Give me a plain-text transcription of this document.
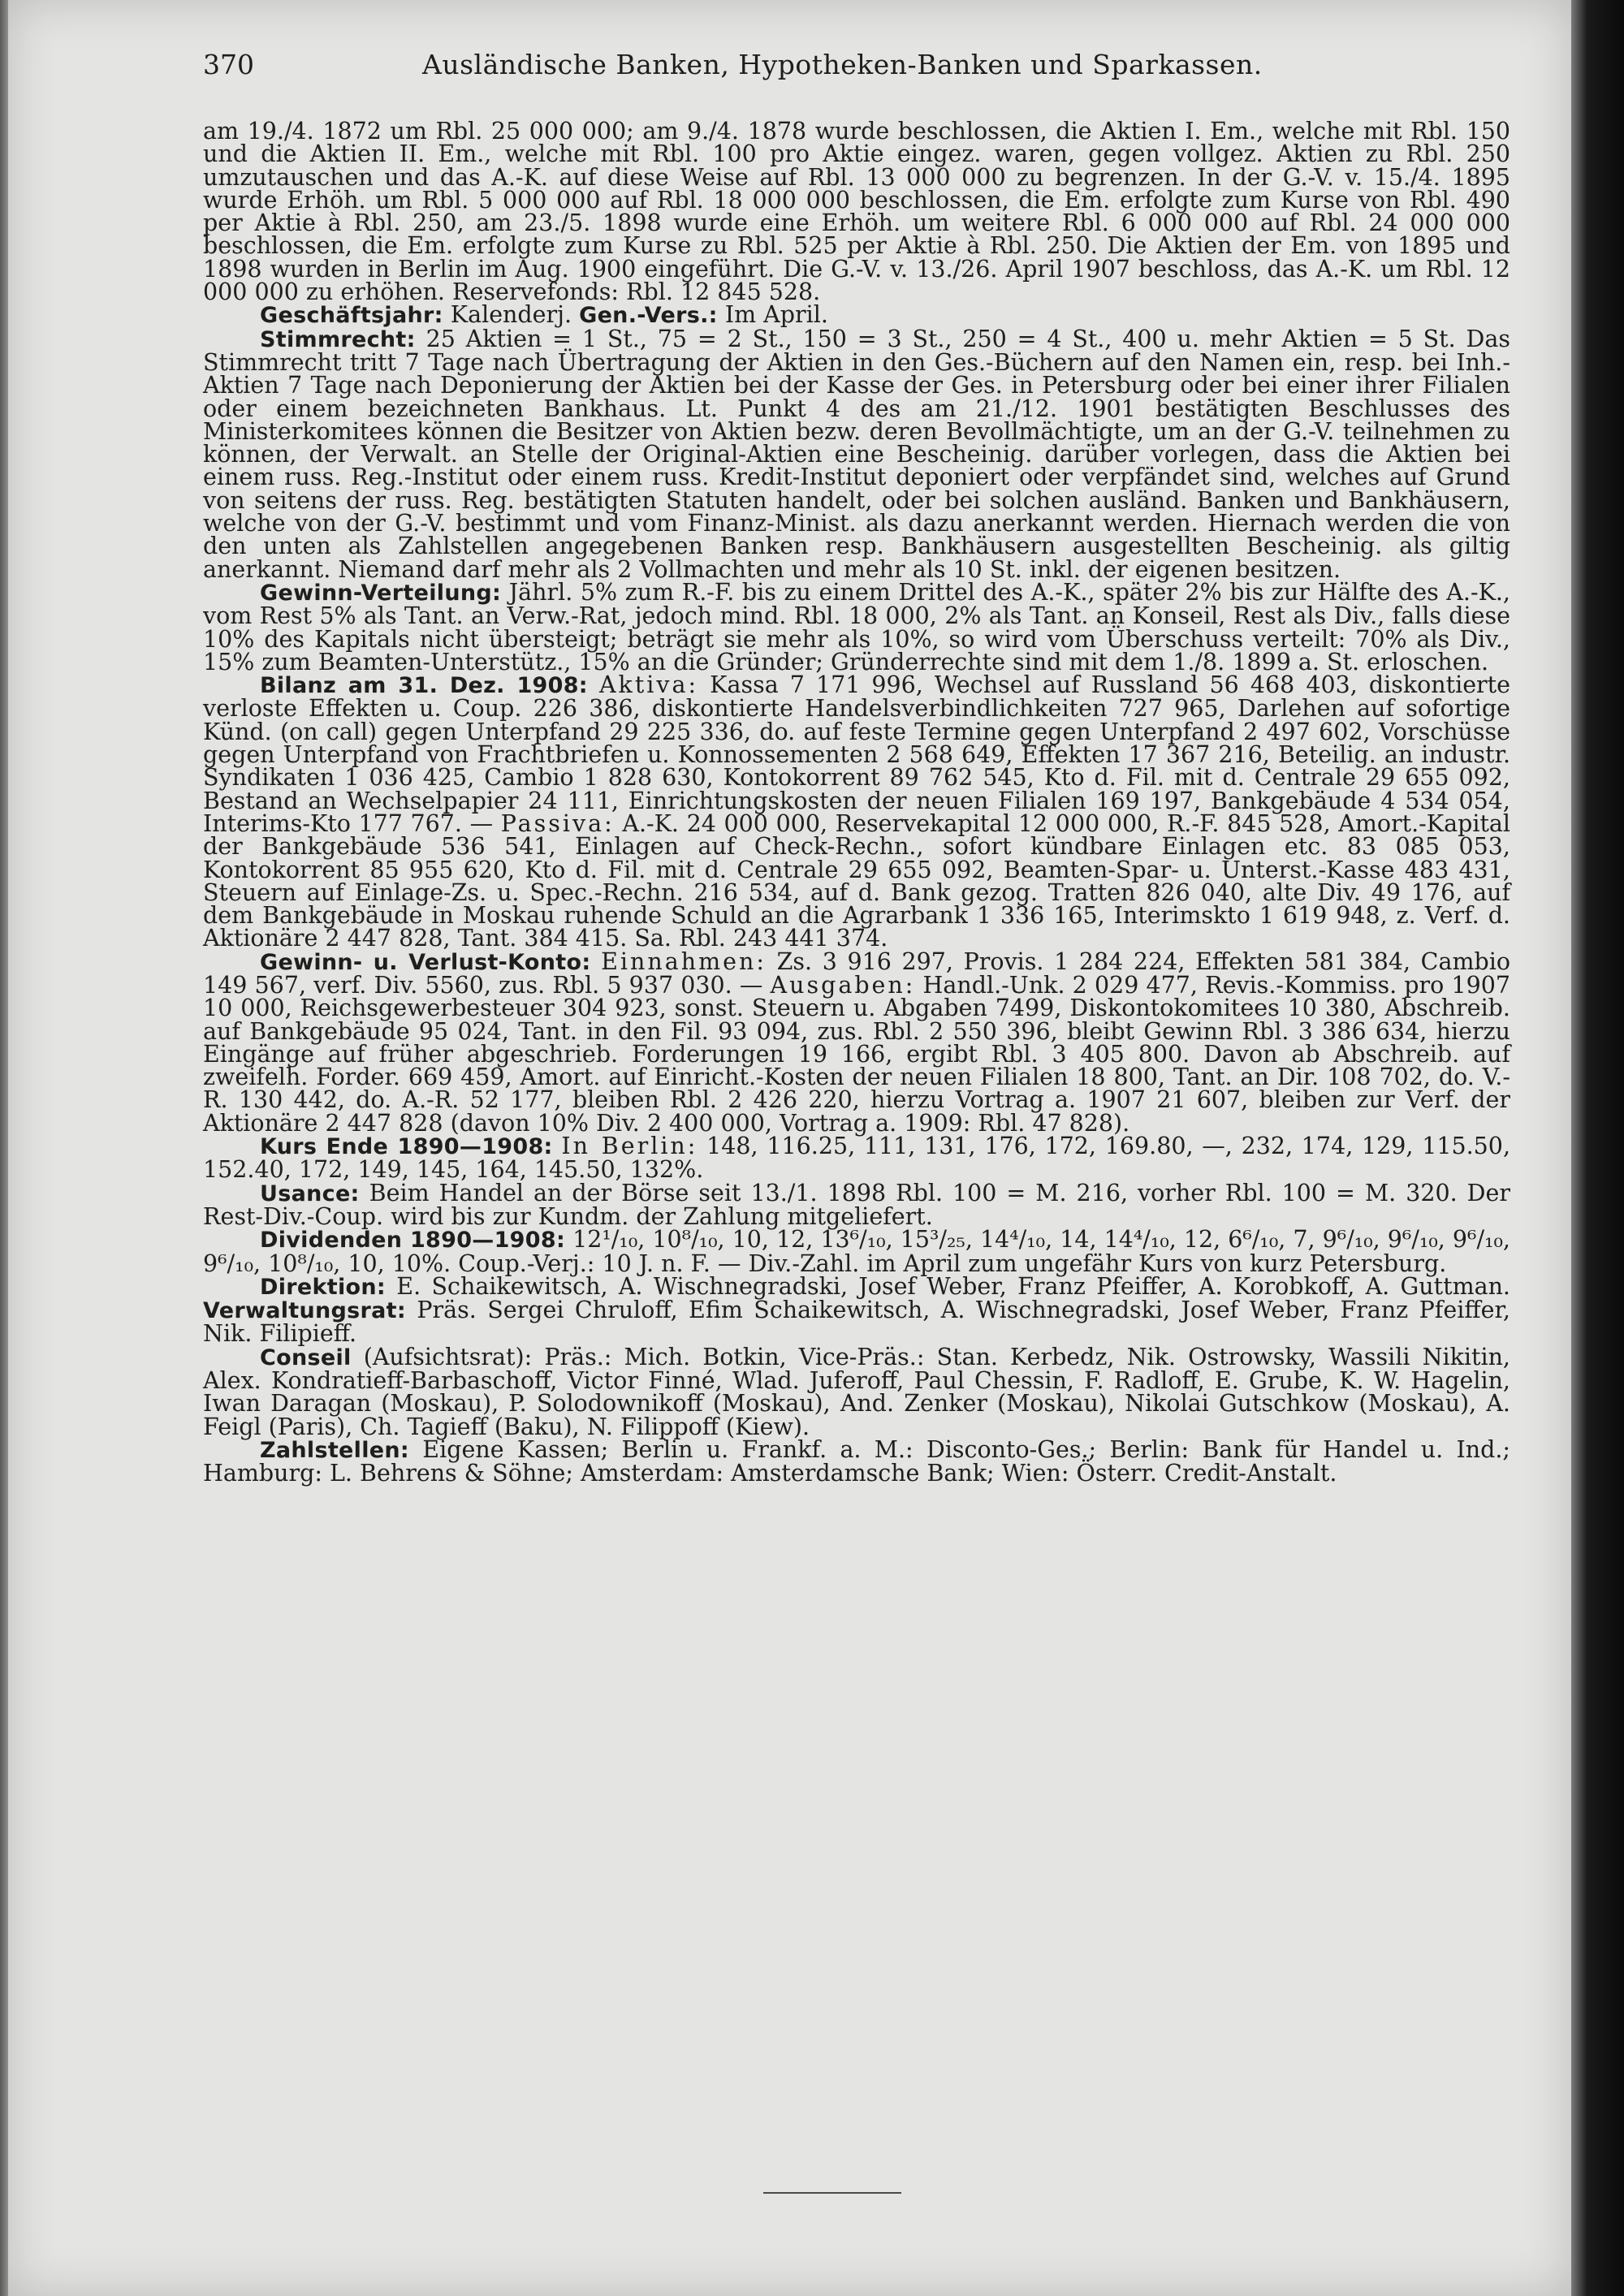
370	Ausländische Banken, Hypotheken-Banken und Sparkassen.

am 19./4. 1872 um Rbl. 25 000 000; am 9./4. 1878 wurde beschlossen, die Aktien I. Em., welche mit Rbl. 150 und die Aktien II. Em., welche mit Rbl. 100 pro Aktie eingez. waren, gegen vollgez. Aktien zu Rbl. 250 umzutauschen und das A.-K. auf diese Weise auf Rbl. 13 000 000 zu begrenzen. In der G.-V. v. 15./4. 1895 wurde Erhöh. um Rbl. 5 000 000 auf Rbl. 18 000 000 beschlossen, die Em. erfolgte zum Kurse von Rbl. 490 per Aktie à Rbl. 250, am 23./5. 1898 wurde eine Erhöh. um weitere Rbl. 6 000 000 auf Rbl. 24 000 000 beschlossen, die Em. erfolgte zum Kurse zu Rbl. 525 per Aktie à Rbl. 250. Die Aktien der Em. von 1895 und 1898 wurden in Berlin im Aug. 1900 eingeführt. Die G.-V. v. 13./26. April 1907 beschloss, das A.-K. um Rbl. 12 000 000 zu erhöhen. Reservefonds: Rbl. 12 845 528.

Geschäftsjahr: Kalenderj. Gen.-Vers.: Im April.

Stimmrecht: 25 Aktien = 1 St., 75 = 2 St., 150 = 3 St., 250 = 4 St., 400 u. mehr Aktien = 5 St. Das Stimmrecht tritt 7 Tage nach Übertragung der Aktien in den Ges.-Büchern auf den Namen ein, resp. bei Inh.-Aktien 7 Tage nach Deponierung der Aktien bei der Kasse der Ges. in Petersburg oder bei einer ihrer Filialen oder einem bezeichneten Bankhaus. Lt. Punkt 4 des am 21./12. 1901 bestätigten Beschlusses des Ministerkomitees können die Besitzer von Aktien bezw. deren Bevollmächtigte, um an der G.-V. teilnehmen zu können, der Verwalt. an Stelle der Original-Aktien eine Bescheinig. darüber vorlegen, dass die Aktien bei einem russ. Reg.-Institut oder einem russ. Kredit-Institut deponiert oder verpfändet sind, welches auf Grund von seitens der russ. Reg. bestätigten Statuten handelt, oder bei solchen ausländ. Banken und Bankhäusern, welche von der G.-V. bestimmt und vom Finanz-Minist. als dazu anerkannt werden. Hiernach werden die von den unten als Zahlstellen angegebenen Banken resp. Bankhäusern ausgestellten Bescheinig. als giltig anerkannt. Niemand darf mehr als 2 Vollmachten und mehr als 10 St. inkl. der eigenen besitzen.

Gewinn-Verteilung: Jährl. 5% zum R.-F. bis zu einem Drittel des A.-K., später 2% bis zur Hälfte des A.-K., vom Rest 5% als Tant. an Verw.-Rat, jedoch mind. Rbl. 18 000, 2% als Tant. an Konseil, Rest als Div., falls diese 10% des Kapitals nicht übersteigt; beträgt sie mehr als 10%, so wird vom Überschuss verteilt: 70% als Div., 15% zum Beamten-Unterstütz., 15% an die Gründer; Gründerrechte sind mit dem 1./8. 1899 a. St. erloschen.

Bilanz am 31. Dez. 1908: Aktiva: Kassa 7 171 996, Wechsel auf Russland 56 468 403, diskontierte verloste Effekten u. Coup. 226 386, diskontierte Handelsverbindlichkeiten 727 965, Darlehen auf sofortige Künd. (on call) gegen Unterpfand 29 225 336, do. auf feste Termine gegen Unterpfand 2 497 602, Vorschüsse gegen Unterpfand von Frachtbriefen u. Konnossementen 2 568 649, Effekten 17 367 216, Beteilig. an industr. Syndikaten 1 036 425, Cambio 1 828 630, Kontokorrent 89 762 545, Kto d. Fil. mit d. Centrale 29 655 092, Bestand an Wechselpapier 24 111, Einrichtungskosten der neuen Filialen 169 197, Bankgebäude 4 534 054, Interims-Kto 177 767. — Passiva: A.-K. 24 000 000, Reservekapital 12 000 000, R.-F. 845 528, Amort.-Kapital der Bankgebäude 536 541, Einlagen auf Check-Rechn., sofort kündbare Einlagen etc. 83 085 053, Kontokorrent 85 955 620, Kto d. Fil. mit d. Centrale 29 655 092, Beamten-Spar- u. Unterst.-Kasse 483 431, Steuern auf Einlage-Zs. u. Spec.-Rechn. 216 534, auf d. Bank gezog. Tratten 826 040, alte Div. 49 176, auf dem Bankgebäude in Moskau ruhende Schuld an die Agrarbank 1 336 165, Interimskto 1 619 948, z. Verf. d. Aktionäre 2 447 828, Tant. 384 415. Sa. Rbl. 243 441 374.

Gewinn- u. Verlust-Konto: Einnahmen: Zs. 3 916 297, Provis. 1 284 224, Effekten 581 384, Cambio 149 567, verf. Div. 5560, zus. Rbl. 5 937 030. — Ausgaben: Handl.-Unk. 2 029 477, Revis.-Kommiss. pro 1907 10 000, Reichsgewerbesteuer 304 923, sonst. Steuern u. Abgaben 7499, Diskontokomitees 10 380, Abschreib. auf Bankgebäude 95 024, Tant. in den Fil. 93 094, zus. Rbl. 2 550 396, bleibt Gewinn Rbl. 3 386 634, hierzu Eingänge auf früher abgeschrieb. Forderungen 19 166, ergibt Rbl. 3 405 800. Davon ab Abschreib. auf zweifelh. Forder. 669 459, Amort. auf Einricht.-Kosten der neuen Filialen 18 800, Tant. an Dir. 108 702, do. V.-R. 130 442, do. A.-R. 52 177, bleiben Rbl. 2 426 220, hierzu Vortrag a. 1907 21 607, bleiben zur Verf. der Aktionäre 2 447 828 (davon 10% Div. 2 400 000, Vortrag a. 1909: Rbl. 47 828).

Kurs Ende 1890—1908: In Berlin: 148, 116.25, 111, 131, 176, 172, 169.80, —, 232, 174, 129, 115.50, 152.40, 172, 149, 145, 164, 145.50, 132%.

Usance: Beim Handel an der Börse seit 13./1. 1898 Rbl. 100 = M. 216, vorher Rbl. 100 = M. 320. Der Rest-Div.-Coup. wird bis zur Kundm. der Zahlung mitgeliefert.

Dividenden 1890—1908: 12¹/₁₀, 10⁸/₁₀, 10, 12, 13⁶/₁₀, 15³/₂₅, 14⁴/₁₀, 14, 14⁴/₁₀, 12, 6⁶/₁₀, 7, 9⁶/₁₀, 9⁶/₁₀, 9⁶/₁₀, 9⁶/₁₀, 10⁸/₁₀, 10, 10%. Coup.-Verj.: 10 J. n. F. — Div.-Zahl. im April zum ungefähr Kurs von kurz Petersburg.

Direktion: E. Schaikewitsch, A. Wischnegradski, Josef Weber, Franz Pfeiffer, A. Korobkoff, A. Guttman. Verwaltungsrat: Präs. Sergei Chruloff, Efim Schaikewitsch, A. Wischnegradski, Josef Weber, Franz Pfeiffer, Nik. Filipieff.

Conseil (Aufsichtsrat): Präs.: Mich. Botkin, Vice-Präs.: Stan. Kerbedz, Nik. Ostrowsky, Wassili Nikitin, Alex. Kondratieff-Barbaschoff, Victor Finné, Wlad. Juferoff, Paul Chessin, F. Radloff, E. Grube, K. W. Hagelin, Iwan Daragan (Moskau), P. Solodownikoff (Moskau), And. Zenker (Moskau), Nikolai Gutschkow (Moskau), A. Feigl (Paris), Ch. Tagieff (Baku), N. Filippoff (Kiew).

Zahlstellen: Eigene Kassen; Berlin u. Frankf. a. M.: Disconto-Ges.; Berlin: Bank für Handel u. Ind.; Hamburg: L. Behrens & Söhne; Amsterdam: Amsterdamsche Bank; Wien: Österr. Credit-Anstalt.
